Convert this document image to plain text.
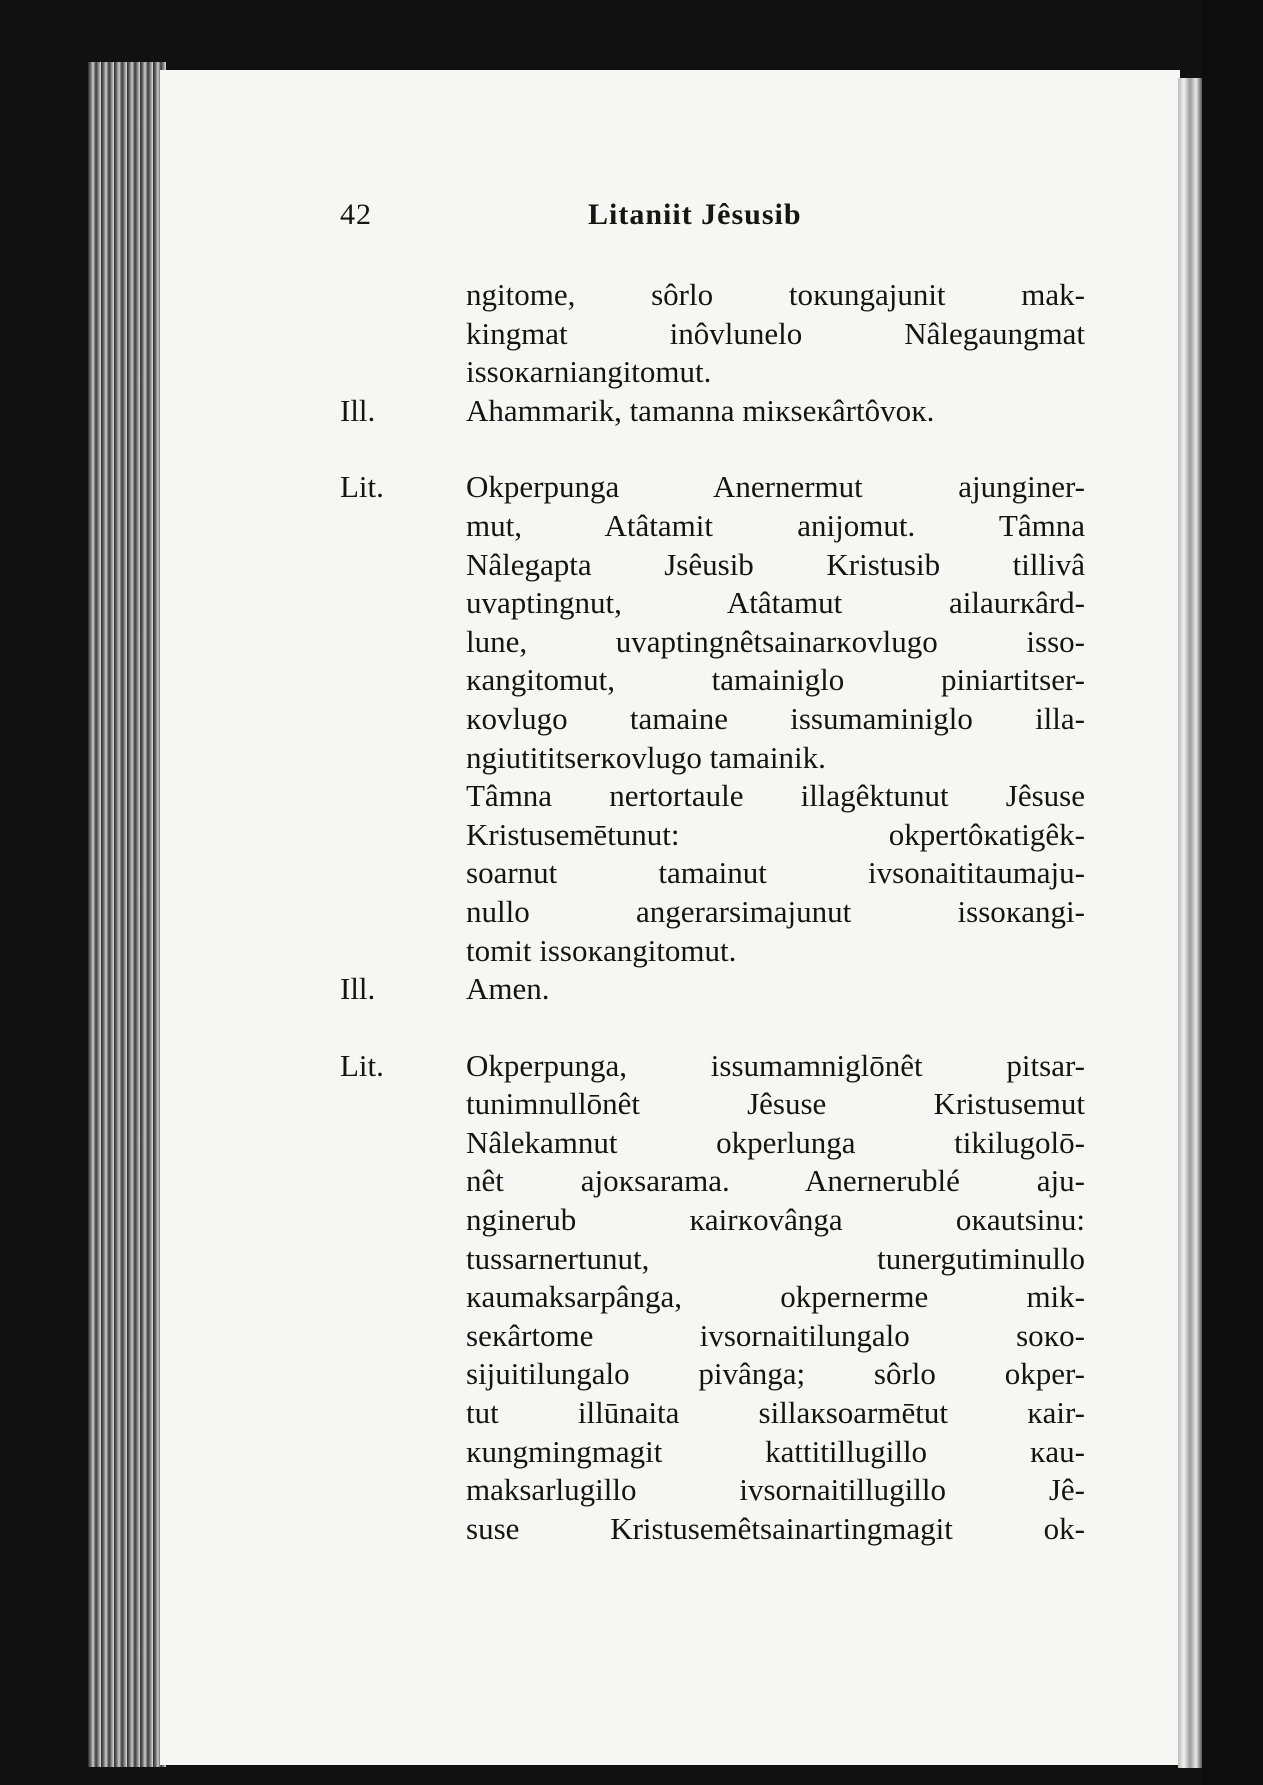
42	Litaniit Jêsusib
ngitome, sôrlo toĸungajunit mak-
kingmat inôvlunelo Nâlegaungmat
issoĸarniangitomut.
Ill.	Ahammarik, tamanna miĸseĸârtôvoĸ.
Lit.	Okperpunga Anernermut ajunginer-
mut, Atâtamit anijomut. Tâmna
Nâlegapta Jsêusib Kristusib tillivâ
uvaptingnut, Atâtamut ailaurĸârd-
lune, uvaptingnêtsainarĸovlugo isso-
ĸangitomut, tamainiglo piniartitser-
ĸovlugo tamaine issumaminiglo illa-
ngiutititserĸovlugo tamainik.
Tâmna nertortaule illagêktunut Jêsuse
Kristusemētunut: okpertôĸatigêk-
soarnut tamainut ivsonaititaumaju-
nullo angerarsimajunut issoĸangi-
tomit issoĸangitomut.
Ill.	Amen.
Lit.	Okperpunga, issumamniglōnêt pitsar-
tunimnullōnêt Jêsuse Kristusemut
Nâlekamnut okperlunga tikilugolō-
nêt ajoĸsarama. Anernerublé aju-
nginerub ĸairĸovânga oĸautsinu:
tussarnertunut, tunergutiminullo
ĸaumaksarpânga, okpernerme mik-
seĸârtome ivsornaitilungalo soĸo-
sijuitilungalo pivânga; sôrlo okper-
tut illūnaita sillaĸsoarmētut ĸair-
ĸungmingmagit kattitillugillo ĸau-
maksarlugillo ivsornaitillugillo Jê-
suse Kristusemêtsainartingmagit ok-
